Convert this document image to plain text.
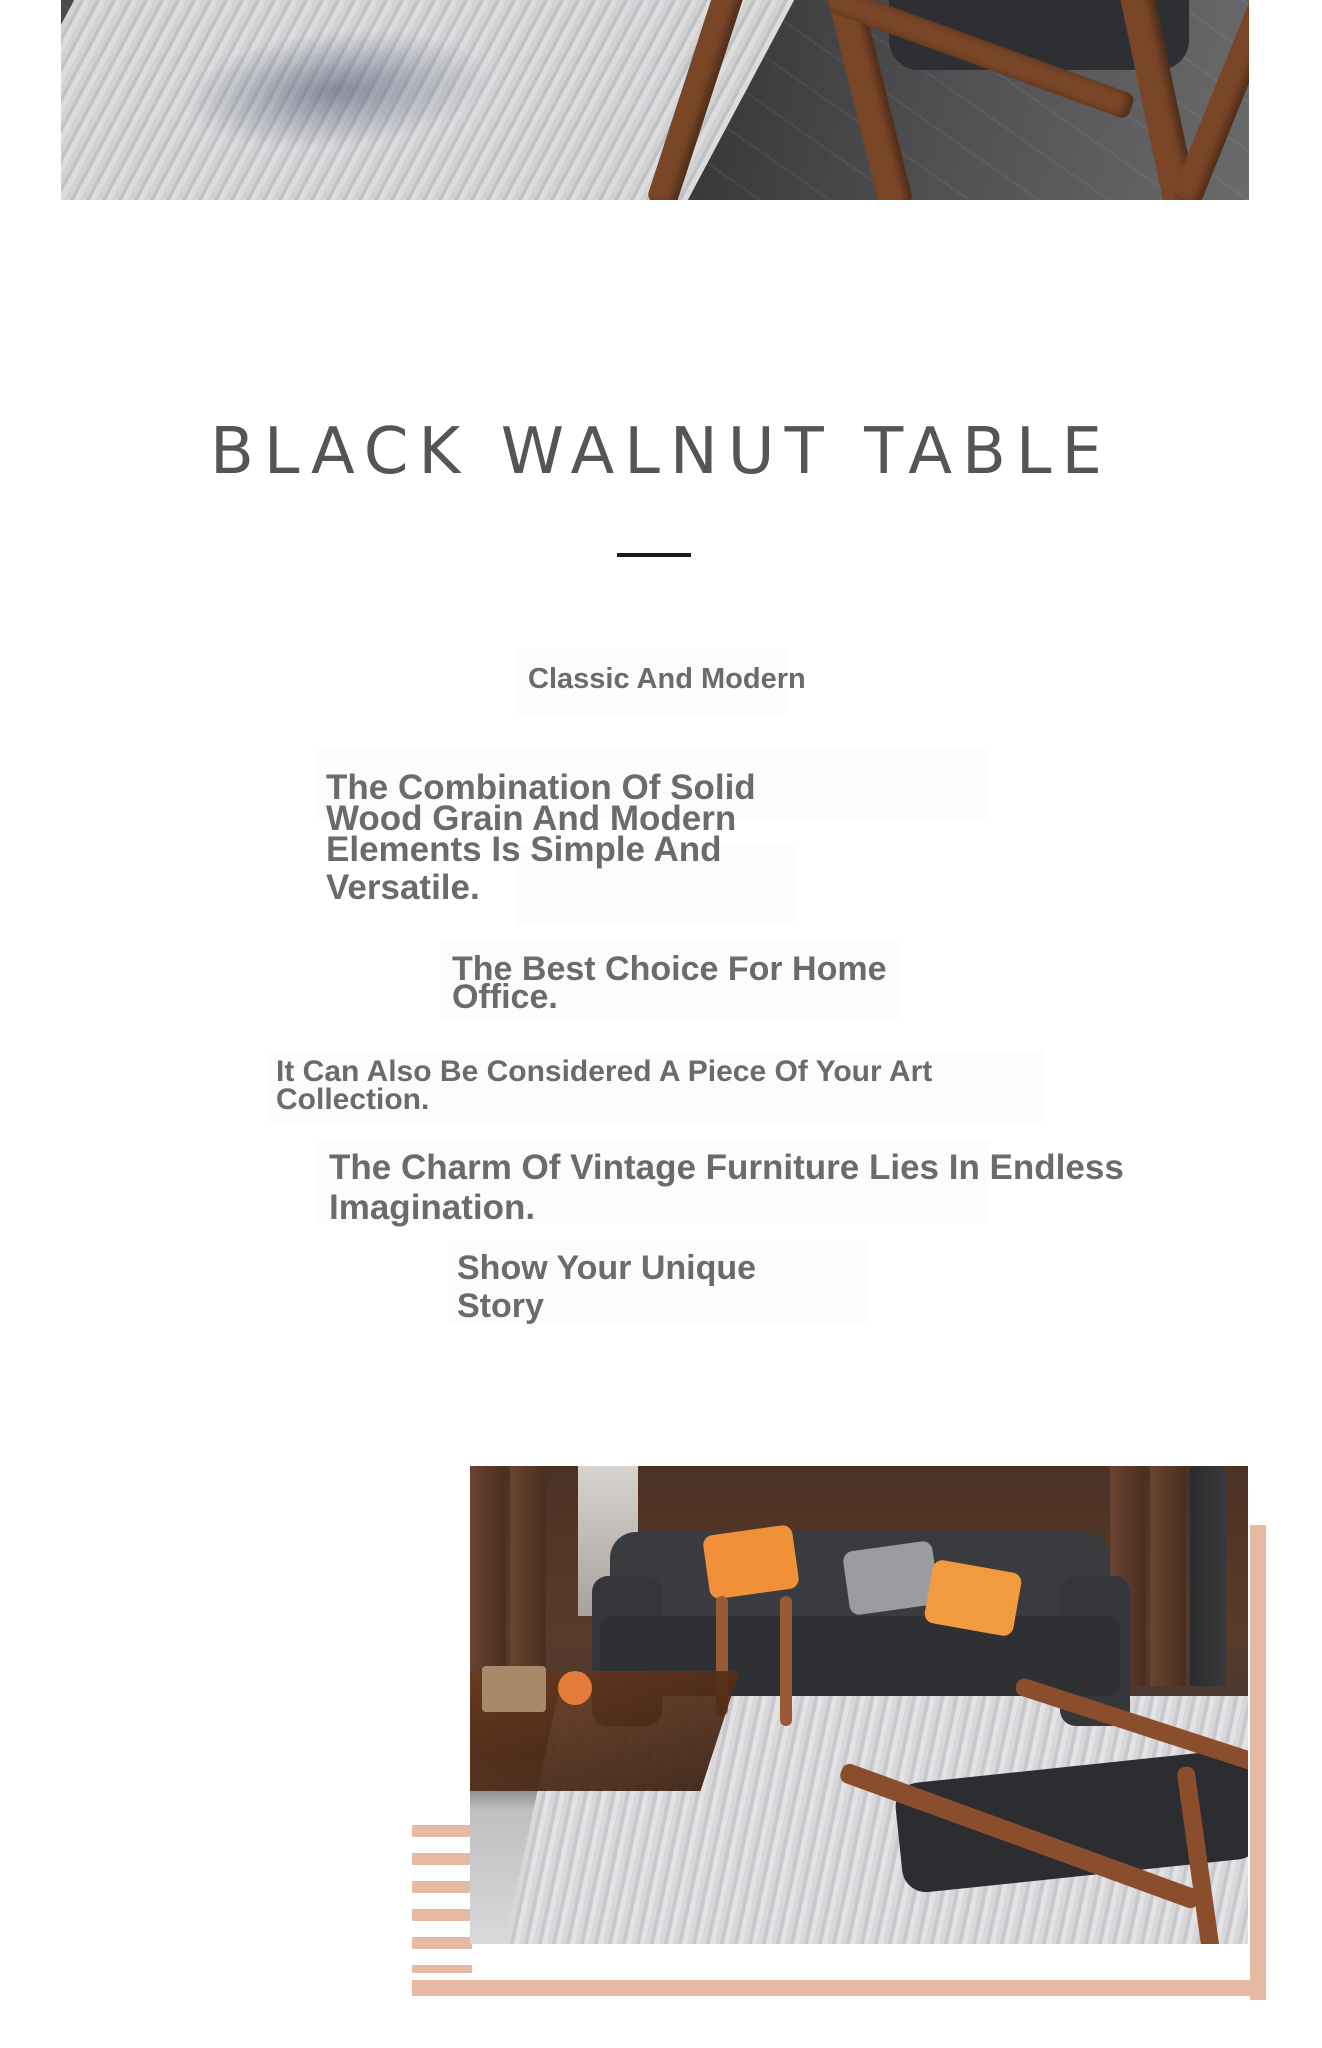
BLACK WALNUT TABLE
Classic And Modern
The Combination Of Solid
Wood Grain And Modern
Elements Is Simple And
Versatile.
The Best Choice For Home
Office.
It Can Also Be Considered A Piece Of Your Art
Collection.
The Charm Of Vintage Furniture Lies In Endless
Imagination.
Show Your Unique
Story
